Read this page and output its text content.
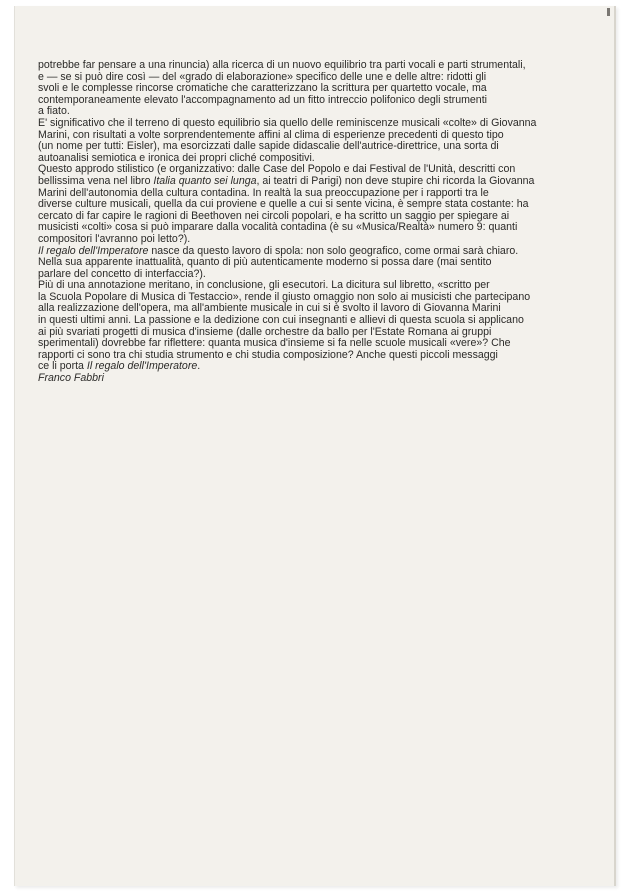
potrebbe far pensare a una rinuncia) alla ricerca di un nuovo equilibrio tra parti vocali e parti strumentali,
e — se si può dire così — del «grado di elaborazione» specifico delle une e delle altre: ridotti gli
svoli e le complesse rincorse cromatiche che caratterizzano la scrittura per quartetto vocale, ma
contemporaneamente elevato l'accompagnamento ad un fitto intreccio polifonico degli strumenti
a fiato.
E' significativo che il terreno di questo equilibrio sia quello delle reminiscenze musicali «colte» di Giovanna
Marini, con risultati a volte sorprendentemente affini al clima di esperienze precedenti di questo tipo
(un nome per tutti: Eisler), ma esorcizzati dalle sapide didascalie dell'autrice-direttrice, una sorta di
autoanalisi semiotica e ironica dei propri cliché compositivi.
Questo approdo stilistico (e organizzativo: dalle Case del Popolo e dai Festival de l'Unità, descritti con
bellissima vena nel libro Italia quanto sei lunga, ai teatri di Parigi) non deve stupire chi ricorda la Giovanna
Marini dell'autonomia della cultura contadina. In realtà la sua preoccupazione per i rapporti tra le
diverse culture musicali, quella da cui proviene e quelle a cui si sente vicina, è sempre stata costante: ha
cercato di far capire le ragioni di Beethoven nei circoli popolari, e ha scritto un saggio per spiegare ai
musicisti «colti» cosa si può imparare dalla vocalità contadina (è su «Musica/Realtà» numero 9: quanti
compositori l'avranno poi letto?).
Il regalo dell'Imperatore nasce da questo lavoro di spola: non solo geografico, come ormai sarà chiaro.
Nella sua apparente inattualità, quanto di più autenticamente moderno si possa dare (mai sentito
parlare del concetto di interfaccia?).
Più di una annotazione meritano, in conclusione, gli esecutori. La dicitura sul libretto, «scritto per
la Scuola Popolare di Musica di Testaccio», rende il giusto omaggio non solo ai musicisti che partecipano
alla realizzazione dell'opera, ma all'ambiente musicale in cui si è svolto il lavoro di Giovanna Marini
in questi ultimi anni. La passione e la dedizione con cui insegnanti e allievi di questa scuola si applicano
ai più svariati progetti di musica d'insieme (dalle orchestre da ballo per l'Estate Romana ai gruppi
sperimentali) dovrebbe far riflettere: quanta musica d'insieme si fa nelle scuole musicali «vere»? Che
rapporti ci sono tra chi studia strumento e chi studia composizione? Anche questi piccoli messaggi
ce li porta Il regalo dell'Imperatore.
Franco Fabbri
